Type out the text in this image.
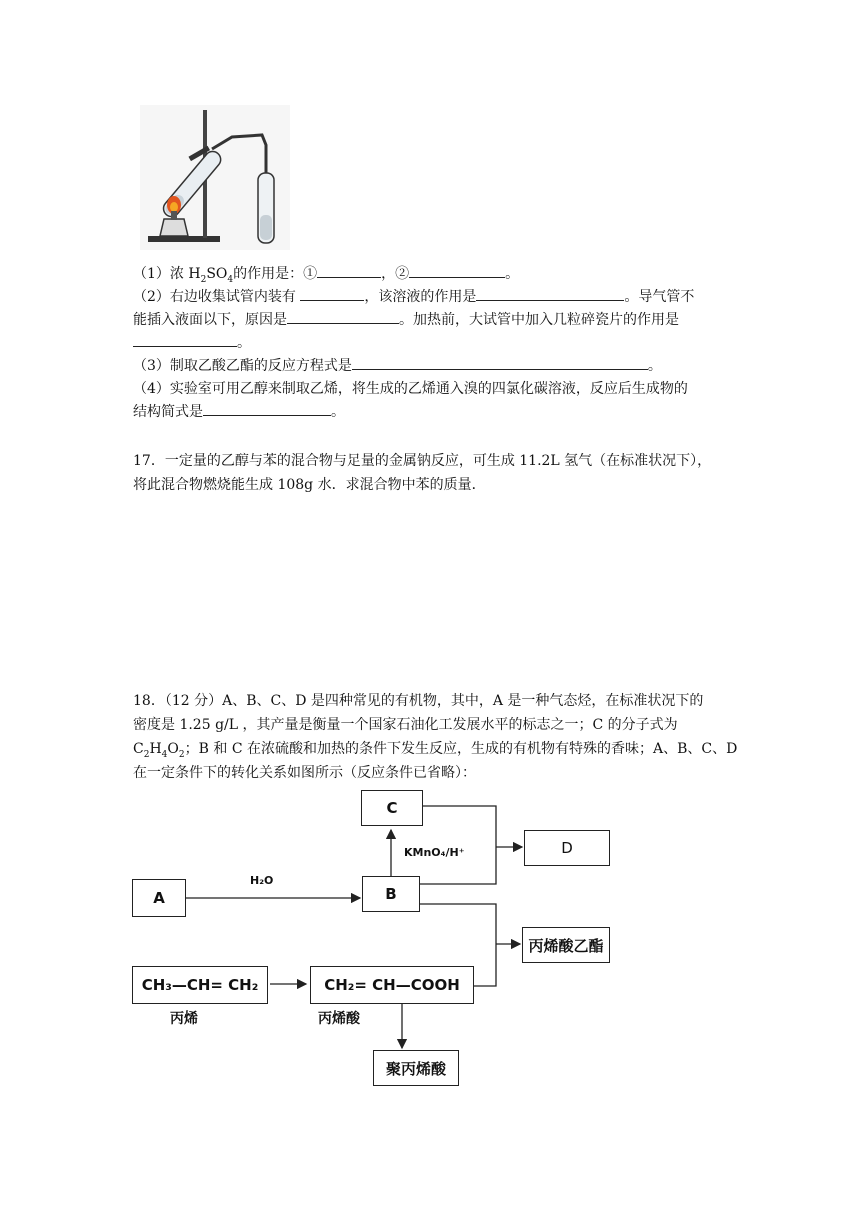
（1）浓 $H_2SO_4$的作用是：①	，②	。
（2）右边收集试管内装有	，该溶液的作用是	。导气管不
能插入液面以下，原因是	。加热前，大试管中加入几粒碎瓷片的作用是
。
（3）制取乙酸乙酯的反应方程式是	。
（4）实验室可用乙醇来制取乙烯，将生成的乙烯通入溴的四氯化碳溶液，反应后生成物的
结构简式是	。
17．一定量的乙醇与苯的混合物与足量的金属钠反应，可生成 11.2L 氢气（在标准状况下），
将此混合物燃烧能生成 108g 水．求混合物中苯的质量．
18．（12 分）A、B、C、D 是四种常见的有机物，其中，A 是一种气态烃，在标准状况下的
密度是 1.25 g/L ，其产量是衡量一个国家石油化工发展水平的标志之一；C 的分子式为
$C_2H_4O_2$；B 和 C 在浓硫酸和加热的条件下发生反应，生成的有机物有特殊的香味；A、B、C、D
在一定条件下的转化关系如图所示（反应条件已省略）：
C
D
A	B
丙烯酸乙酯
CH₃—CH= CH₂	CH₂= CH—COOH
聚丙烯酸
丙烯	丙烯酸
H₂O
KMnO₄/H⁺
